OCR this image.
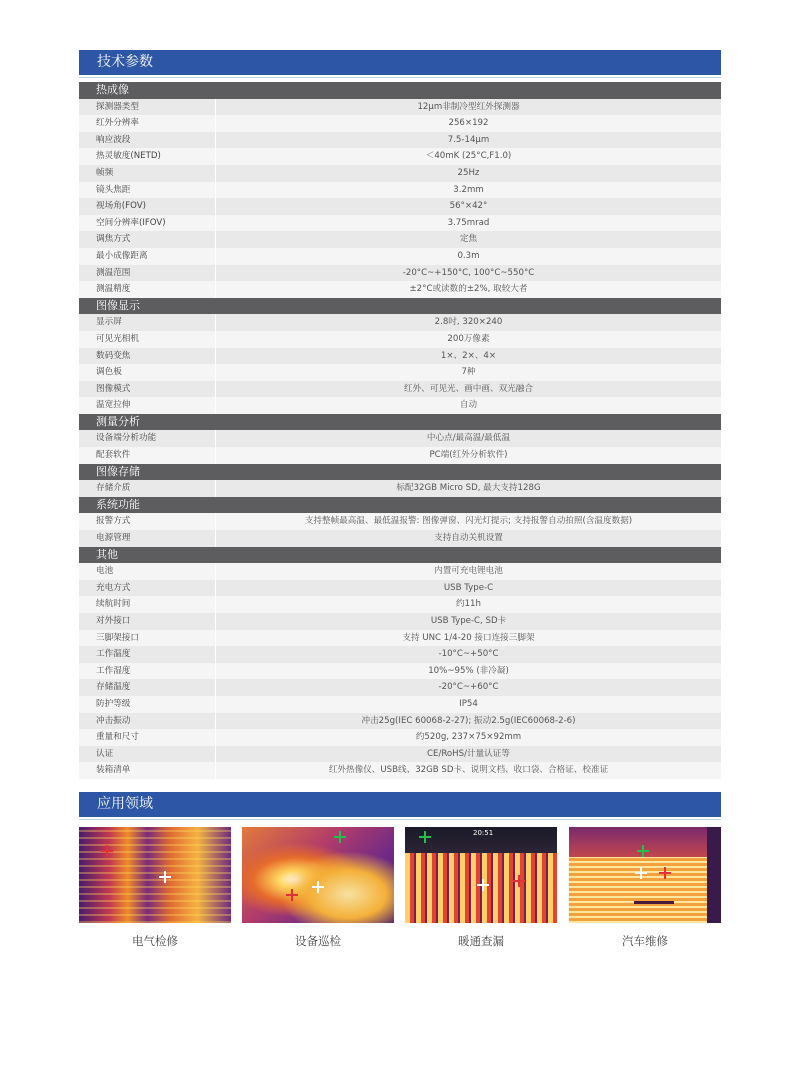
技术参数
热成像
探测器类型	12μm非制冷型红外探测器
红外分辨率	256×192
响应波段	7.5-14μm
热灵敏度(NETD)	＜40mK (25°C,F1.0)
帧频	25Hz
镜头焦距	3.2mm
视场角(FOV)	56°×42°
空间分辨率(IFOV)	3.75mrad
调焦方式	定焦
最小成像距离	0.3m
测温范围	-20°C~+150°C, 100°C~550°C
测温精度	±2°C或读数的±2%, 取较大者
图像显示
显示屏	2.8吋, 320×240
可见光相机	200万像素
数码变焦	1×、2×、4×
调色板	7种
图像模式	红外、可见光、画中画、双光融合
温宽拉伸	自动
测量分析
设备端分析功能	中心点/最高温/最低温
配套软件	PC端(红外分析软件)
图像存储
存储介质	标配32GB Micro SD, 最大支持128G
系统功能
报警方式	支持整帧最高温、最低温报警: 图像弹窗、闪光灯提示; 支持报警自动拍照(含温度数据)
电源管理	支持自动关机设置
其他
电池	内置可充电锂电池
充电方式	USB Type-C
续航时间	约11h
对外接口	USB Type-C, SD卡
三脚架接口	支持 UNC 1/4-20 接口连接三脚架
工作温度	-10°C~+50°C
工作湿度	10%~95% (非冷凝)
存储温度	-20°C~+60°C
防护等级	IP54
冲击振动	冲击25g(IEC 60068-2-27); 振动2.5g(IEC60068-2-6)
重量和尺寸	约520g, 237×75×92mm
认证	CE/RoHS/计量认证等
装箱清单	红外热像仪、USB线、32GB SD卡、说明文档、收口袋、合格证、校准证
应用领域
电气检修	设备巡检
20:51
暖通查漏	汽车维修
